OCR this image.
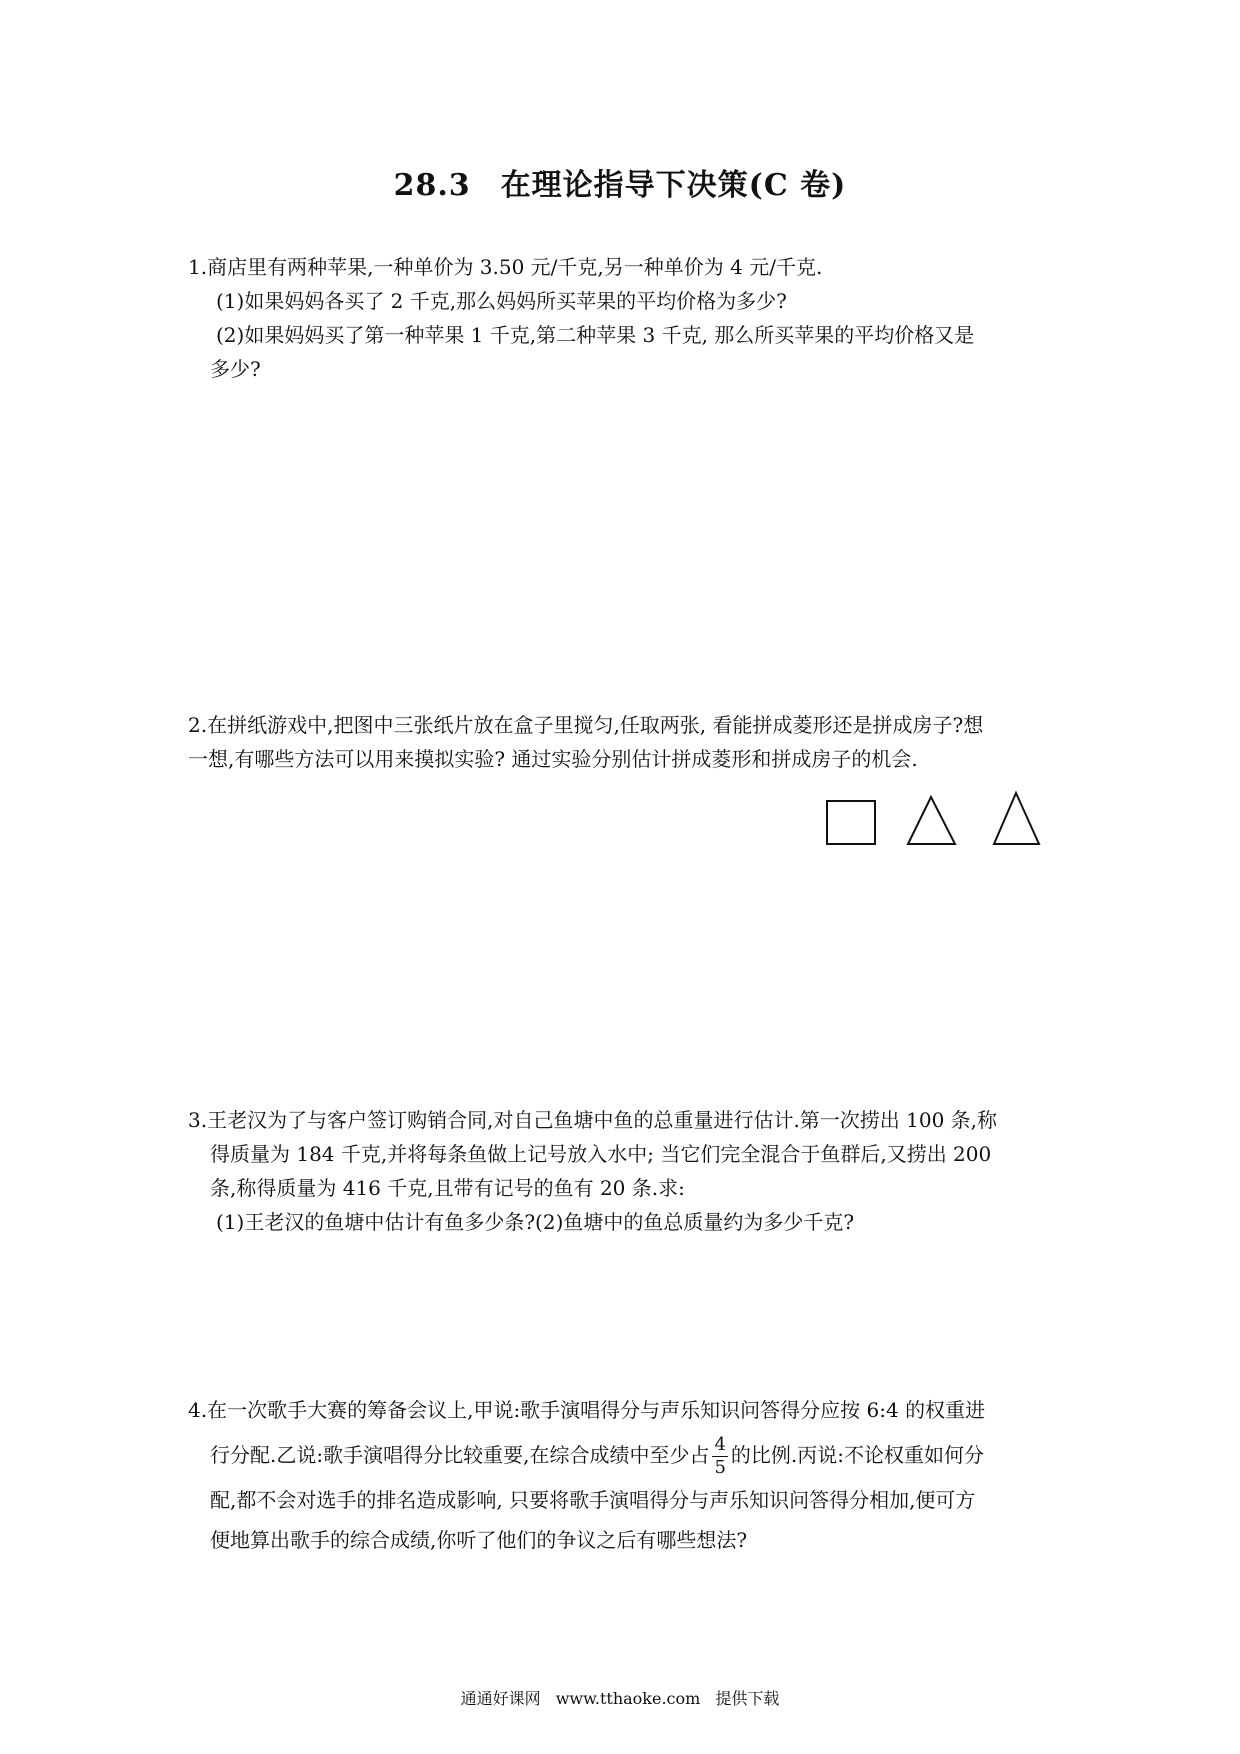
28.3 在理论指导下决策(C 卷)

1.商店里有两种苹果,一种单价为 3.50 元/千克,另一种单价为 4 元/千克.

(1)如果妈妈各买了 2 千克,那么妈妈所买苹果的平均价格为多少?

(2)如果妈妈买了第一种苹果 1 千克,第二种苹果 3 千克, 那么所买苹果的平均价格又是

多少?

2.在拼纸游戏中,把图中三张纸片放在盒子里搅匀,任取两张, 看能拼成菱形还是拼成房子?想

一想,有哪些方法可以用来摸拟实验? 通过实验分别估计拼成菱形和拼成房子的机会.

3.王老汉为了与客户签订购销合同,对自己鱼塘中鱼的总重量进行估计.第一次捞出 100 条,称

得质量为 184 千克,并将每条鱼做上记号放入水中; 当它们完全混合于鱼群后,又捞出 200

条,称得质量为 416 千克,且带有记号的鱼有 20 条.求:

(1)王老汉的鱼塘中估计有鱼多少条?(2)鱼塘中的鱼总质量约为多少千克?

4.在一次歌手大赛的筹备会议上,甲说:歌手演唱得分与声乐知识问答得分应按 6:4 的权重进

行分配.乙说:歌手演唱得分比较重要,在综合成绩中至少占 $\frac{4}{5}$ 的比例.丙说:不论权重如何分

配,都不会对选手的排名造成影响, 只要将歌手演唱得分与声乐知识问答得分相加,便可方

便地算出歌手的综合成绩,你听了他们的争议之后有哪些想法?

通通好课网 www.tthaoke.com 提供下载
